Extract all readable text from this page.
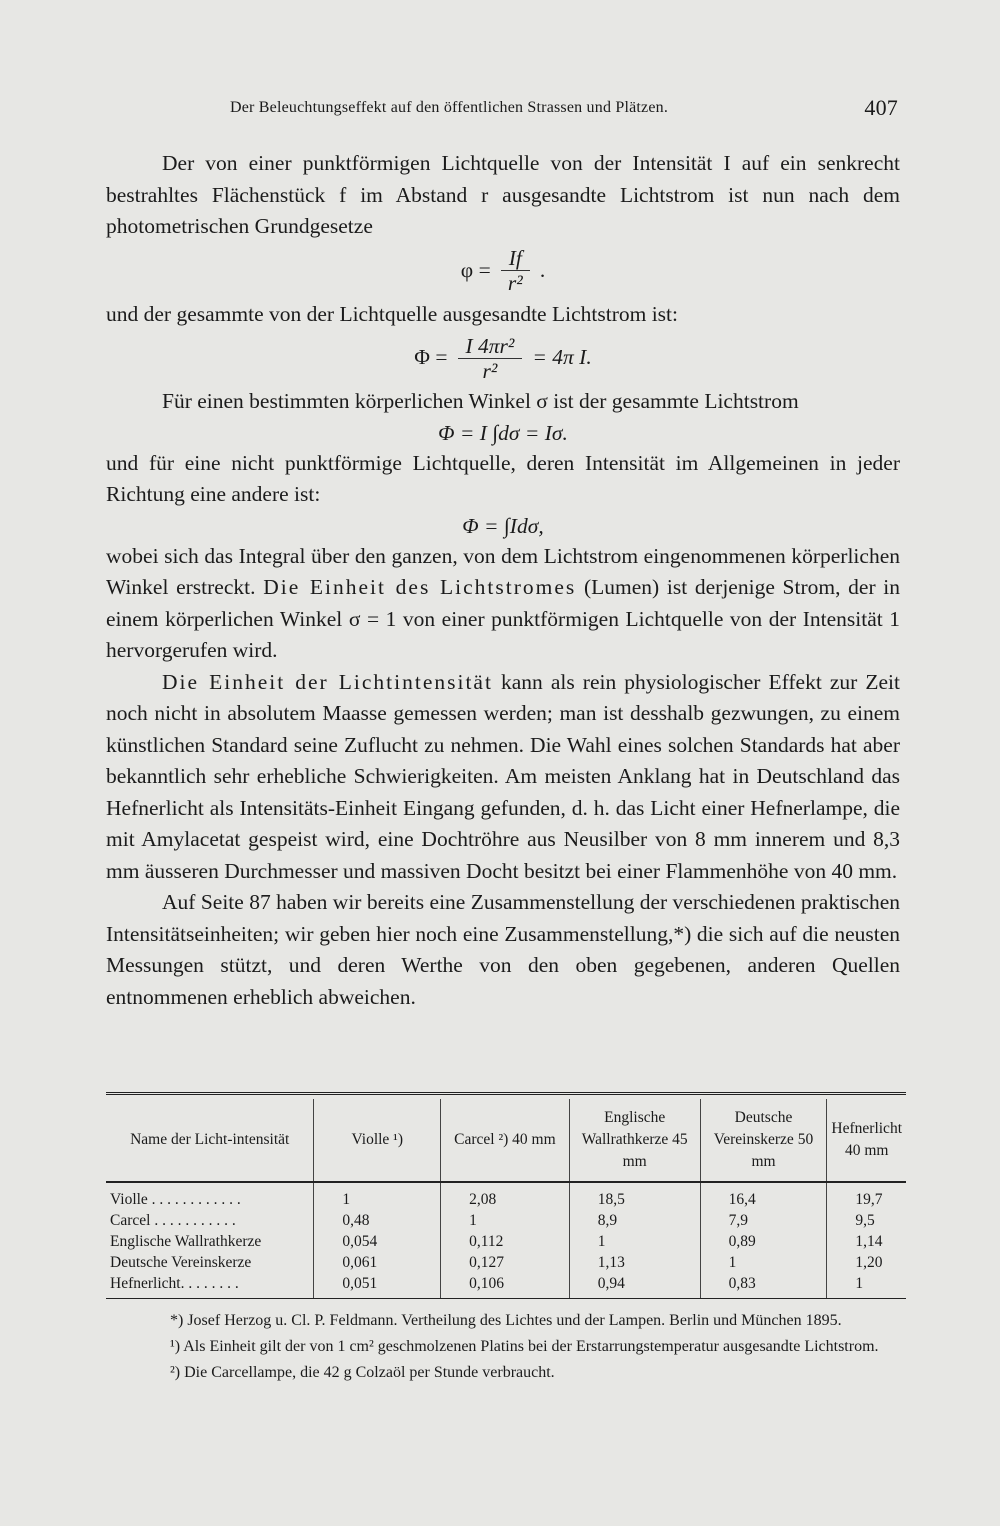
Der Beleuchtungseffekt auf den öffentlichen Strassen und Plätzen.	407

Der von einer punktförmigen Lichtquelle von der Intensität I auf ein senkrecht bestrahltes Flächenstück f im Abstand r ausgesandte Lichtstrom ist nun nach dem photometrischen Grundgesetze

$\varphi = \frac{If}{\text{r²}}$ .

und der gesammte von der Lichtquelle ausgesandte Lichtstrom ist:

$\Phi = \frac{\text{I 4πr²}}{\text{r²}} = 4\pi$ I.

Für einen bestimmten körperlichen Winkel σ ist der gesammte Lichtstrom

Φ = I ∫dσ = Iσ.

und für eine nicht punktförmige Lichtquelle, deren Intensität im Allgemeinen in jeder Richtung eine andere ist:

Φ = ∫Idσ,

wobei sich das Integral über den ganzen, von dem Lichtstrom eingenommenen körperlichen Winkel erstreckt. Die Einheit des Lichtstromes (Lumen) ist derjenige Strom, der in einem körperlichen Winkel σ = 1 von einer punktförmigen Lichtquelle von der Intensität 1 hervorgerufen wird.

Die Einheit der Lichtintensität kann als rein physiologischer Effekt zur Zeit noch nicht in absolutem Maasse gemessen werden; man ist desshalb gezwungen, zu einem künstlichen Standard seine Zuflucht zu nehmen. Die Wahl eines solchen Standards hat aber bekanntlich sehr erhebliche Schwierigkeiten. Am meisten Anklang hat in Deutschland das Hefnerlicht als Intensitäts-Einheit Eingang gefunden, d. h. das Licht einer Hefnerlampe, die mit Amylacetat gespeist wird, eine Dochtröhre aus Neusilber von 8 mm innerem und 8,3 mm äusseren Durchmesser und massiven Docht besitzt bei einer Flammenhöhe von 40 mm.

Auf Seite 87 haben wir bereits eine Zusammenstellung der verschiedenen praktischen Intensitätseinheiten; wir geben hier noch eine Zusammenstellung,*) die sich auf die neusten Messungen stützt, und deren Werthe von den oben gegebenen, anderen Quellen entnommenen erheblich abweichen.

Name der Licht-intensität	Violle ¹)	Carcel ²) 40 mm	Englische Wallrathkerze 45 mm	Deutsche Vereinskerze 50 mm	Hefnerlicht 40 mm
Violle . . . . . . . . . . . .	1	2,08	18,5	16,4	19,7
Carcel . . . . . . . . . . .	0,48	1	8,9	7,9	9,5
Englische Wallrathkerze	0,054	0,112	1	0,89	1,14
Deutsche Vereinskerze	0,061	0,127	1,13	1	1,20
Hefnerlicht. . . . . . . .	0,051	0,106	0,94	0,83	1

*) Josef Herzog u. Cl. P. Feldmann. Vertheilung des Lichtes und der Lampen. Berlin und München 1895.

¹) Als Einheit gilt der von 1 cm² geschmolzenen Platins bei der Erstarrungstemperatur ausgesandte Lichtstrom.

²) Die Carcellampe, die 42 g Colzaöl per Stunde verbraucht.
